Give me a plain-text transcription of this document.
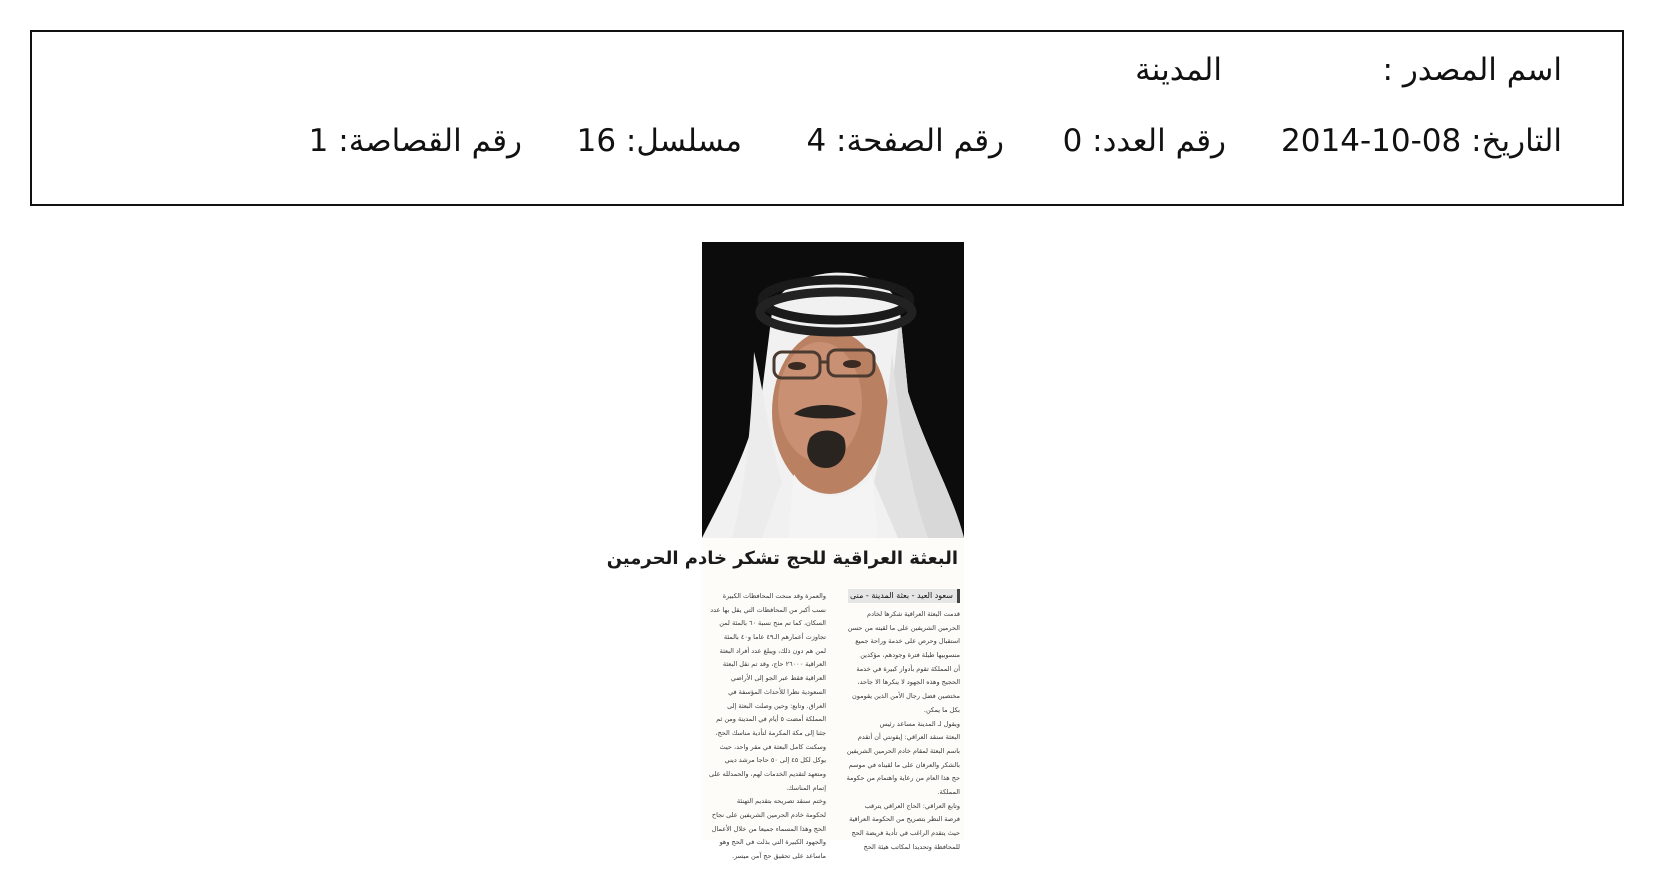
اسم المصدر :
المدينة
التاريخ: 08-10-2014
رقم العدد: 0
رقم الصفحة: 4
مسلسل: 16
رقم القصاصة: 1
البعثة العراقية للحج تشكر خادم الحرمين
سعود العيد - بعثة المدينة - منى
قدمت البعثة العراقية شكرها لخادم
الحرمين الشريفين على ما لقيته من حسن
استقبال وحرص على خدمة وراحة جميع
منسوبيها طيلة فترة وجودهم، مؤكدين
أن المملكة تقوم بأدوار كبيرة في خدمة
الحجيج وهذه الجهود لا ينكرها الا جاحد،
مختصين فضل رجال الأمن الذين يقومون
بكل ما يمكن.
ويقول لـ المدينة مساعد رئيس
البعثة سنقد العراقي: إيقونتي أن أتقدم
باسم البعثة لمقام خادم الحرمين الشريفين
بالشكر والعرفان على ما لقيناه في موسم
حج هذا العام من رعاية واهتمام من حكومة
المملكة.
وتابع العراقي: الحاج العراقي يترقب
فرصة النظر بتصريح من الحكومة العراقية
حيث يتقدم الراغب في تأدية فريضة الحج
للمحافظة وتحديدا لمكاتب هيئة الحج
والعمرة وقد منحت المحافظات الكبيرة
نسب أكبر من المحافظات التي يقل بها عدد
السكان، كما تم منح نسبة ٦٠ بالمئة لمن
تجاوزت أعمارهم الـ٤٩ عاما و٤٠ بالمئة
لمن هم دون ذلك، ويبلغ عدد أفراد البعثة
العراقية ٢٦٠٠٠ حاج، وقد تم نقل البعثة
العراقية فقط عبر الجو إلى الأراضي
السعودية نظرا للأحداث المؤسفة في
العراق. وتابع: وحين وصلت البعثة إلى
المملكة أمضت ٥ أيام في المدينة ومن ثم
جئنا إلى مكة المكرمة لتأدية مناسك الحج،
وسكنت كامل البعثة في مقر واحد، حيث
يوكل لكل ٤٥ إلى ٥٠ حاجا مرشد ديني
ومتعهد لتقديم الخدمات لهم، والحمدلله على
إتمام المناسك.
وختم سنقد تصريحه بتقديم التهنئة
لحكومة خادم الحرمين الشريفين على نجاح
الحج وهذا المسماء جميعا من خلال الأعمال
والجهود الكبيرة التي بذلت في الحج وهو
ماساعد على تحقيق حج آمن ميسر.
